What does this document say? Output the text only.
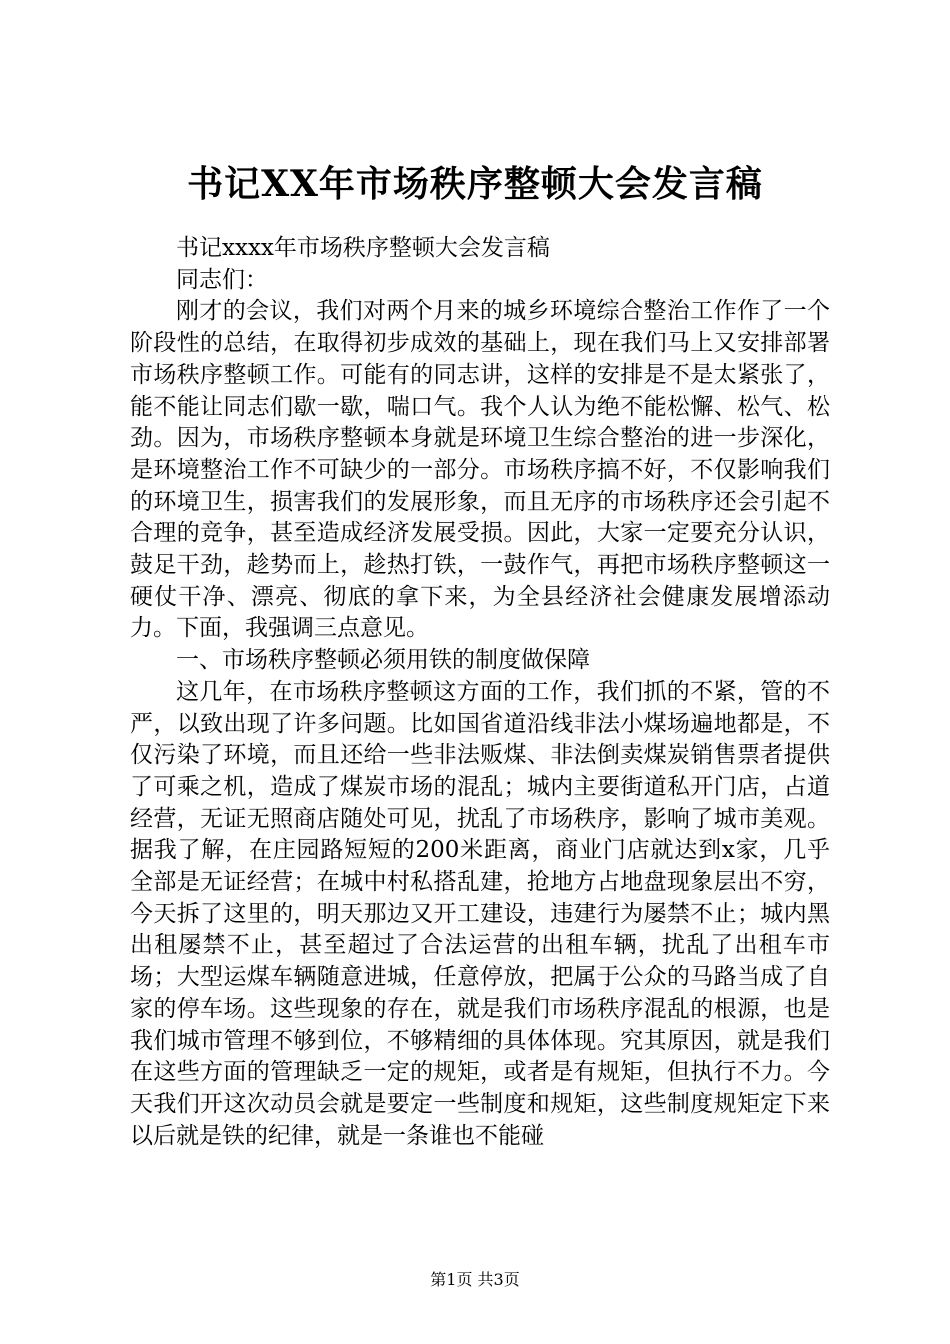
书记XX年市场秩序整顿大会发言稿

书记xxxx年市场秩序整顿大会发言稿

同志们：

刚才的会议，我们对两个月来的城乡环境综合整治工作作了一个阶段性的总结，在取得初步成效的基础上，现在我们马上又安排部署市场秩序整顿工作。可能有的同志讲，这样的安排是不是太紧张了，能不能让同志们歇一歇，喘口气。我个人认为绝不能松懈、松气、松劲。因为，市场秩序整顿本身就是环境卫生综合整治的进一步深化，是环境整治工作不可缺少的一部分。市场秩序搞不好，不仅影响我们的环境卫生，损害我们的发展形象，而且无序的市场秩序还会引起不合理的竞争，甚至造成经济发展受损。因此，大家一定要充分认识，鼓足干劲，趁势而上，趁热打铁，一鼓作气，再把市场秩序整顿这一硬仗干净、漂亮、彻底的拿下来，为全县经济社会健康发展增添动力。下面，我强调三点意见。

一、市场秩序整顿必须用铁的制度做保障

这几年，在市场秩序整顿这方面的工作，我们抓的不紧，管的不严，以致出现了许多问题。比如国省道沿线非法小煤场遍地都是，不仅污染了环境，而且还给一些非法贩煤、非法倒卖煤炭销售票者提供了可乘之机，造成了煤炭市场的混乱；城内主要街道私开门店，占道经营，无证无照商店随处可见，扰乱了市场秩序，影响了城市美观。据我了解，在庄园路短短的200米距离，商业门店就达到x家，几乎全部是无证经营；在城中村私搭乱建，抢地方占地盘现象层出不穷，今天拆了这里的，明天那边又开工建设，违建行为屡禁不止；城内黑出租屡禁不止，甚至超过了合法运营的出租车辆，扰乱了出租车市场；大型运煤车辆随意进城，任意停放，把属于公众的马路当成了自家的停车场。这些现象的存在，就是我们市场秩序混乱的根源，也是我们城市管理不够到位，不够精细的具体体现。究其原因，就是我们在这些方面的管理缺乏一定的规矩，或者是有规矩，但执行不力。今天我们开这次动员会就是要定一些制度和规矩，这些制度规矩定下来以后就是铁的纪律，就是一条谁也不能碰

第1页 共3页
